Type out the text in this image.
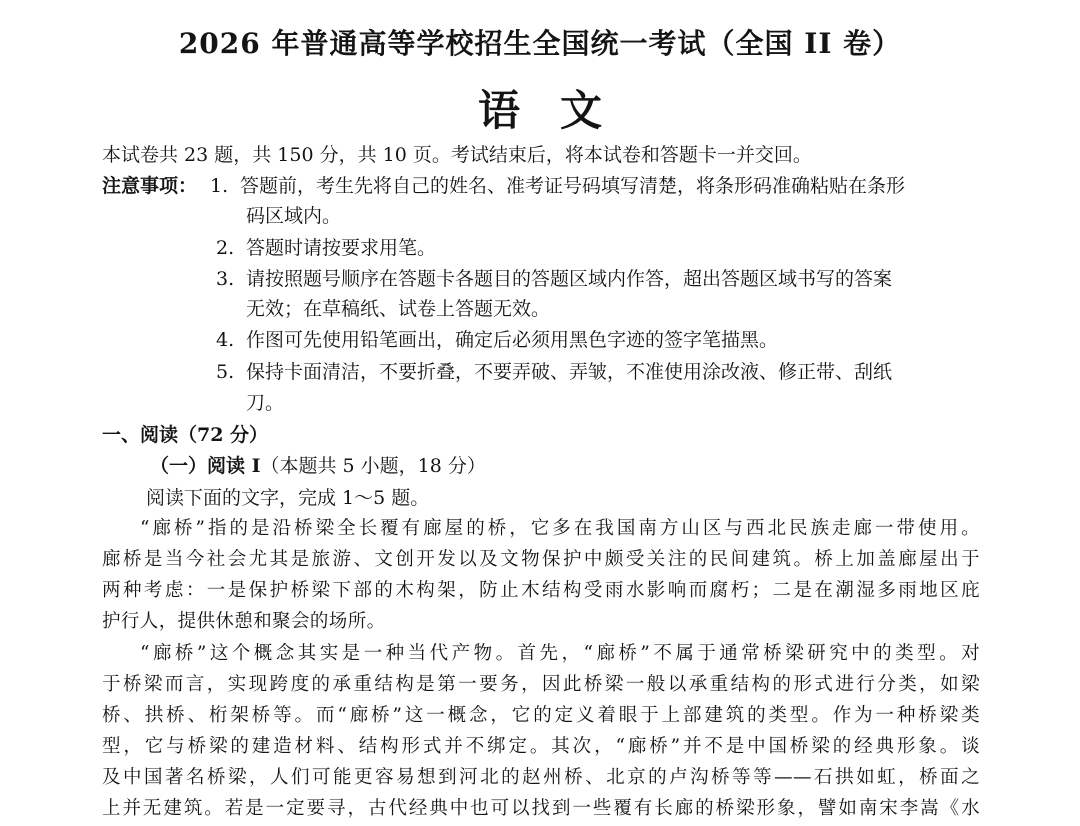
2026 年普通高等学校招生全国统一考试（全国 II 卷）
语文
本试卷共 23 题，共 150 分，共 10 页。考试结束后，将本试卷和答题卡一并交回。
注意事项： 1. 答题前，考生先将自己的姓名、准考证号码填写清楚，将条形码准确粘贴在条形
码区域内。
2. 答题时请按要求用笔。
3. 请按照题号顺序在答题卡各题目的答题区域内作答，超出答题区域书写的答案
无效；在草稿纸、试卷上答题无效。
4. 作图可先使用铅笔画出，确定后必须用黑色字迹的签字笔描黑。
5. 保持卡面清洁，不要折叠，不要弄破、弄皱，不准使用涂改液、修正带、刮纸
刀。
一、阅读（72 分）
（一）阅读 I（本题共 5 小题，18 分）
阅读下面的文字，完成 1～5 题。
“廊桥”指的是沿桥梁全长覆有廊屋的桥，它多在我国南方山区与西北民族走廊一带使用。
廊桥是当今社会尤其是旅游、文创开发以及文物保护中颇受关注的民间建筑。桥上加盖廊屋出于
两种考虑：一是保护桥梁下部的木构架，防止木结构受雨水影响而腐朽；二是在潮湿多雨地区庇
护行人，提供休憩和聚会的场所。
“廊桥”这个概念其实是一种当代产物。首先，“廊桥”不属于通常桥梁研究中的类型。对
于桥梁而言，实现跨度的承重结构是第一要务，因此桥梁一般以承重结构的形式进行分类，如梁
桥、拱桥、桁架桥等。而“廊桥”这一概念，它的定义着眼于上部建筑的类型。作为一种桥梁类
型，它与桥梁的建造材料、结构形式并不绑定。其次，“廊桥”并不是中国桥梁的经典形象。谈
及中国著名桥梁，人们可能更容易想到河北的赵州桥、北京的卢沟桥等等——石拱如虹，桥面之
上并无建筑。若是一定要寻，古代经典中也可以找到一些覆有长廊的桥梁形象，譬如南宋李嵩《水
